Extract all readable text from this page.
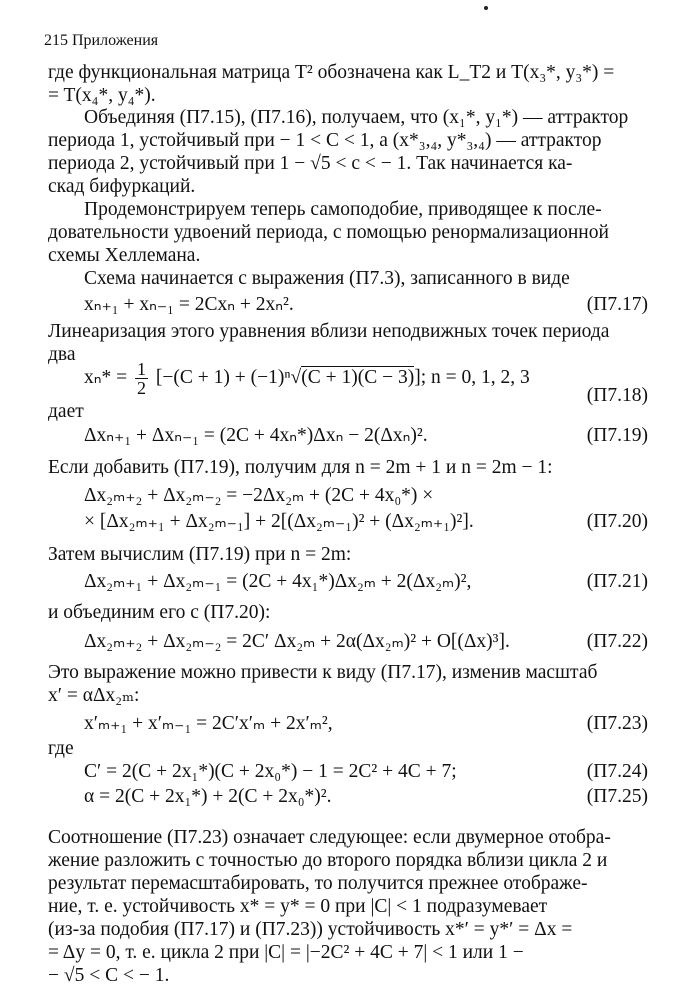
215 Приложения
где функциональная матрица T² обозначена как L_T2 и T(x₃*, y₃*) =
= T(x₄*, y₄*).
Объединяя (П7.15), (П7.16), получаем, что (x₁*, y₁*) — аттрактор
периода 1, устойчивый при − 1 < C < 1, а (x*₃,₄, y*₃,₄) — аттрактор
периода 2, устойчивый при 1 − √5 < c < − 1. Так начинается ка-
скад бифуркаций.
Продемонстрируем теперь самоподобие, приводящее к после-
довательности удвоений периода, с помощью ренормализационной
схемы Хеллемана.
Схема начинается с выражения (П7.3), записанного в виде
xₙ₊₁ + xₙ₋₁ = 2Cxₙ + 2xₙ².	(П7.17)
Линеаризация этого уравнения вблизи неподвижных точек периода
два
$x_n* = \frac{1}{2} [-(C + 1) + (-1)^n√(C + 1)(C - 3)]$; n = 0, 1, 2, 3
(П7.18)
дает
Δxₙ₊₁ + Δxₙ₋₁ = (2C + 4xₙ*)Δxₙ − 2(Δxₙ)².	(П7.19)
Если добавить (П7.19), получим для n = 2m + 1 и n = 2m − 1:
Δx₂ₘ₊₂ + Δx₂ₘ₋₂ = −2Δx₂ₘ + (2C + 4x₀*) ×
× [Δx₂ₘ₊₁ + Δx₂ₘ₋₁] + 2[(Δx₂ₘ₋₁)² + (Δx₂ₘ₊₁)²].	(П7.20)
Затем вычислим (П7.19) при n = 2m:
Δx₂ₘ₊₁ + Δx₂ₘ₋₁ = (2C + 4x₁*)Δx₂ₘ + 2(Δx₂ₘ)²,	(П7.21)
и объединим его с (П7.20):
Δx₂ₘ₊₂ + Δx₂ₘ₋₂ = 2C′ Δx₂ₘ + 2α(Δx₂ₘ)² + O[(Δx)³].	(П7.22)
Это выражение можно привести к виду (П7.17), изменив масштаб
x′ = αΔx₂ₘ:
x′ₘ₊₁ + x′ₘ₋₁ = 2C′x′ₘ + 2x′ₘ²,	(П7.23)
где
C′ = 2(C + 2x₁*)(C + 2x₀*) − 1 = 2C² + 4C + 7;	(П7.24)
α = 2(C + 2x₁*) + 2(C + 2x₀*)².	(П7.25)
Соотношение (П7.23) означает следующее: если двумерное отобра-
жение разложить с точностью до второго порядка вблизи цикла 2 и
результат перемасштабировать, то получится прежнее отображе-
ние, т. е. устойчивость x* = y* = 0 при |C| < 1 подразумевает
(из-за подобия (П7.17) и (П7.23)) устойчивость x*′ = y*′ = Δx =
= Δy = 0, т. е. цикла 2 при |C| = |−2C² + 4C + 7| < 1 или 1 −
− √5 < C < − 1.
